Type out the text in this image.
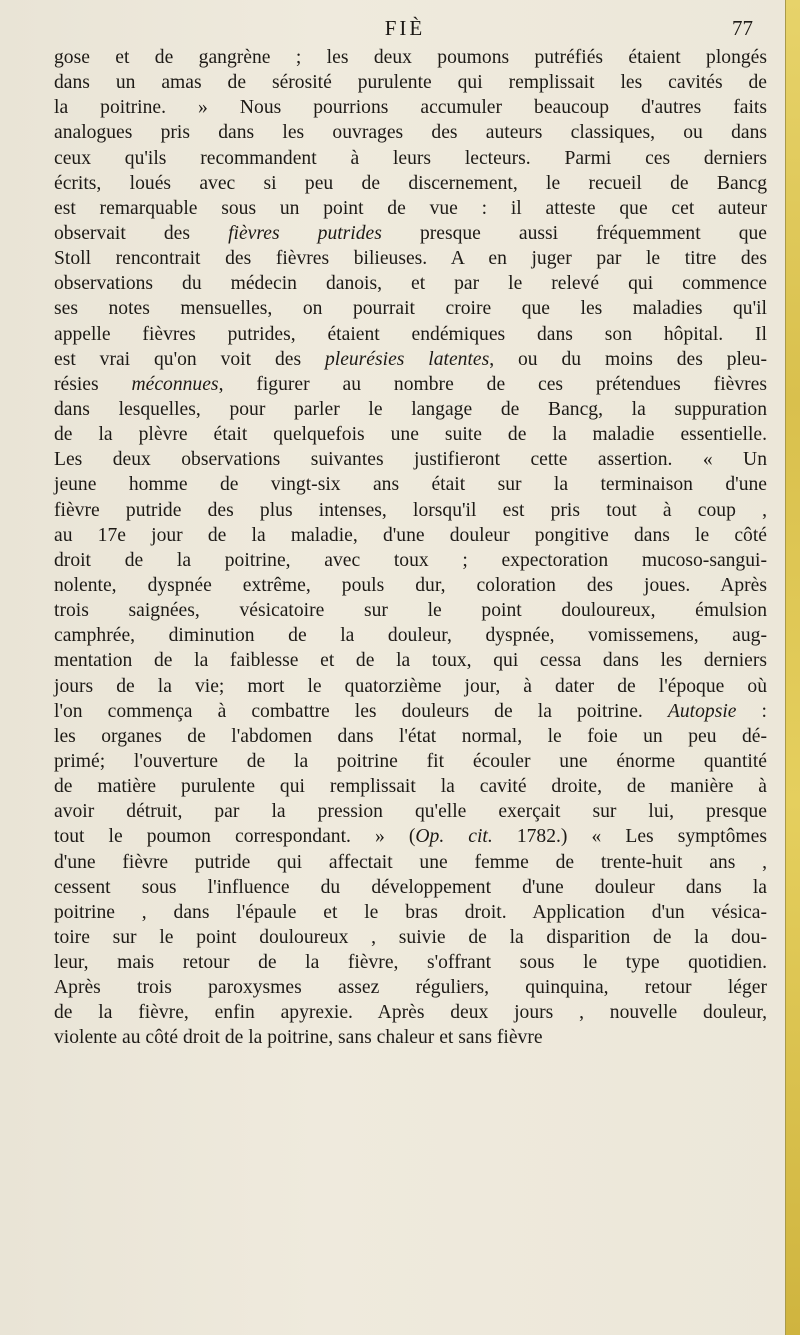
FIÈ	77
gose et de gangrène ; les deux poumons putréfiés étaient plongés
dans un amas de sérosité purulente qui remplissait les cavités de
la poitrine. » Nous pourrions accumuler beaucoup d'autres faits
analogues pris dans les ouvrages des auteurs classiques, ou dans
ceux qu'ils recommandent à leurs lecteurs. Parmi ces derniers
écrits, loués avec si peu de discernement, le recueil de Bancg
est remarquable sous un point de vue : il atteste que cet auteur
observait des fièvres putrides presque aussi fréquemment que
Stoll rencontrait des fièvres bilieuses. A en juger par le titre des
observations du médecin danois, et par le relevé qui commence
ses notes mensuelles, on pourrait croire que les maladies qu'il
appelle fièvres putrides, étaient endémiques dans son hôpital. Il
est vrai qu'on voit des pleurésies latentes, ou du moins des pleu-
résies méconnues, figurer au nombre de ces prétendues fièvres
dans lesquelles, pour parler le langage de Bancg, la suppuration
de la plèvre était quelquefois une suite de la maladie essentielle.
Les deux observations suivantes justifieront cette assertion. « Un
jeune homme de vingt-six ans était sur la terminaison d'une
fièvre putride des plus intenses, lorsqu'il est pris tout à coup ,
au 17e jour de la maladie, d'une douleur pongitive dans le côté
droit de la poitrine, avec toux ; expectoration mucoso-sangui-
nolente, dyspnée extrême, pouls dur, coloration des joues. Après
trois saignées, vésicatoire sur le point douloureux, émulsion
camphrée, diminution de la douleur, dyspnée, vomissemens, aug-
mentation de la faiblesse et de la toux, qui cessa dans les derniers
jours de la vie; mort le quatorzième jour, à dater de l'époque où
l'on commença à combattre les douleurs de la poitrine. Autopsie :
les organes de l'abdomen dans l'état normal, le foie un peu dé-
primé; l'ouverture de la poitrine fit écouler une énorme quantité
de matière purulente qui remplissait la cavité droite, de manière à
avoir détruit, par la pression qu'elle exerçait sur lui, presque
tout le poumon correspondant. » (Op. cit. 1782.) « Les symptômes
d'une fièvre putride qui affectait une femme de trente-huit ans ,
cessent sous l'influence du développement d'une douleur dans la
poitrine , dans l'épaule et le bras droit. Application d'un vésica-
toire sur le point douloureux , suivie de la disparition de la dou-
leur, mais retour de la fièvre, s'offrant sous le type quotidien.
Après trois paroxysmes assez réguliers, quinquina, retour léger
de la fièvre, enfin apyrexie. Après deux jours , nouvelle douleur,
violente au côté droit de la poitrine, sans chaleur et sans fièvre
